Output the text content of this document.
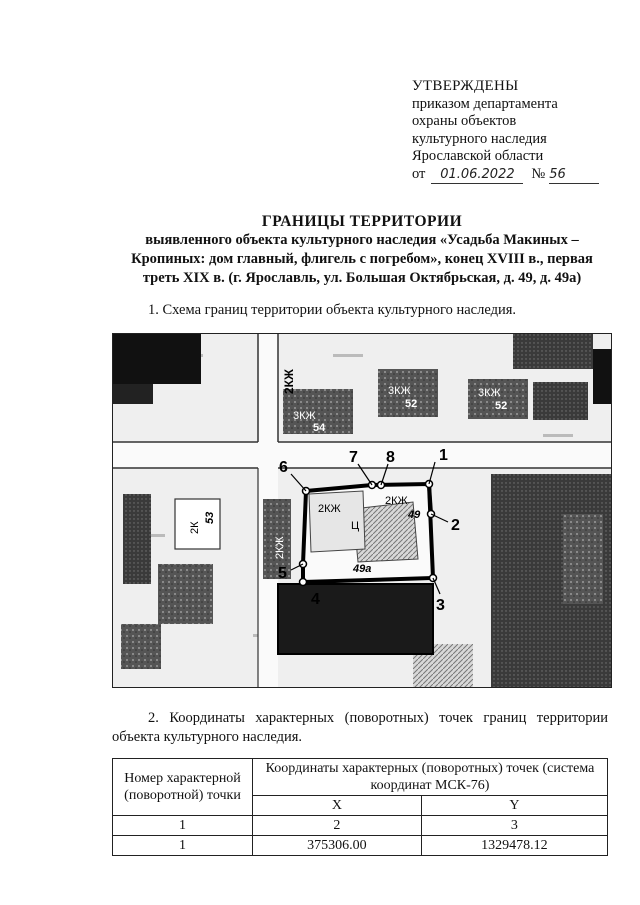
УТВЕРЖДЕНЫ
приказом департамента
охраны объектов
культурного наследия
Ярославской области
от	01.06.2022	№ 56
ГРАНИЦЫ ТЕРРИТОРИИ
выявленного объекта культурного наследия «Усадьба Макиных –
Кропиных: дом главный, флигель с погребом», конец XVIII в., первая
треть XIX в. (г. Ярославль, ул. Большая Октябрьская, д. 49, д. 49а)
1. Схема границ территории объекта культурного наследия.
1
2
3
4
5
6
7 8
2КЖ
2КЖ
49
49a
2К
53
3КЖ
54
3КЖ
52
3КЖ
52
2КЖ
2КЖ
Ц
2. Координаты характерных (поворотных) точек границ территории объекта культурного наследия.
Номер характерной (поворотной) точки	Координаты характерных (поворотных) точек (система координат МСК-76)	
	X	Y
1	2	3
1	375306.00	1329478.12
